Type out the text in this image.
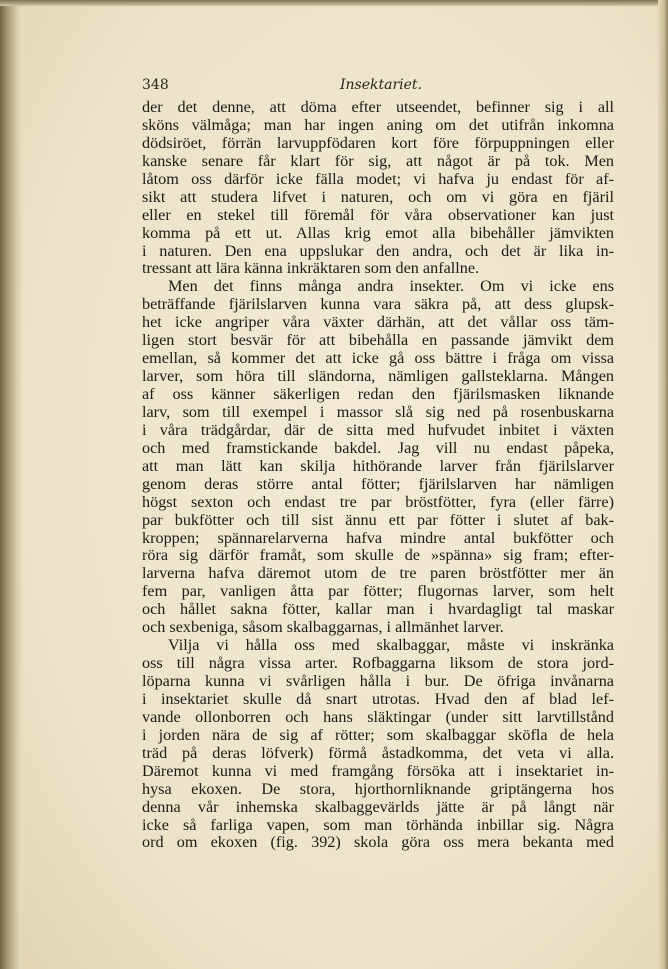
348	Insektariet.
der det denne, att döma efter utseendet, befinner sig i all
sköns välmåga; man har ingen aning om det utifrån inkomna
dödsiröet, förrän larvuppfödaren kort före förpuppningen eller
kanske senare får klart för sig, att något är på tok. Men
låtom oss därför icke fälla modet; vi hafva ju endast för af-
sikt att studera lifvet i naturen, och om vi göra en fjäril
eller en stekel till föremål för våra observationer kan just
komma på ett ut. Allas krig emot alla bibehåller jämvikten
i naturen. Den ena uppslukar den andra, och det är lika in-
tressant att lära känna inkräktaren som den anfallne.
Men det finns många andra insekter. Om vi icke ens
beträffande fjärilslarven kunna vara säkra på, att dess glupsk-
het icke angriper våra växter därhän, att det vållar oss täm-
ligen stort besvär för att bibehålla en passande jämvikt dem
emellan, så kommer det att icke gå oss bättre i fråga om vissa
larver, som höra till sländorna, nämligen gallsteklarna. Mången
af oss känner säkerligen redan den fjärilsmasken liknande
larv, som till exempel i massor slå sig ned på rosenbuskarna
i våra trädgårdar, där de sitta med hufvudet inbitet i växten
och med framstickande bakdel. Jag vill nu endast påpeka,
att man lätt kan skilja hithörande larver från fjärilslarver
genom deras större antal fötter; fjärilslarven har nämligen
högst sexton och endast tre par bröstfötter, fyra (eller färre)
par bukfötter och till sist ännu ett par fötter i slutet af bak-
kroppen; spännarelarverna hafva mindre antal bukfötter och
röra sig därför framåt, som skulle de »spänna» sig fram; efter-
larverna hafva däremot utom de tre paren bröstfötter mer än
fem par, vanligen åtta par fötter; flugornas larver, som helt
och hållet sakna fötter, kallar man i hvardagligt tal maskar
och sexbeniga, såsom skalbaggarnas, i allmänhet larver.
Vilja vi hålla oss med skalbaggar, måste vi inskränka
oss till några vissa arter. Rofbaggarna liksom de stora jord-
löparna kunna vi svårligen hålla i bur. De öfriga invånarna
i insektariet skulle då snart utrotas. Hvad den af blad lef-
vande ollonborren och hans släktingar (under sitt larvtillstånd
i jorden nära de sig af rötter; som skalbaggar sköfla de hela
träd på deras löfverk) förmå åstadkomma, det veta vi alla.
Däremot kunna vi med framgång försöka att i insektariet in-
hysa ekoxen. De stora, hjorthornliknande griptängerna hos
denna vår inhemska skalbaggevärlds jätte är på långt när
icke så farliga vapen, som man törhända inbillar sig. Några
ord om ekoxen (fig. 392) skola göra oss mera bekanta med
